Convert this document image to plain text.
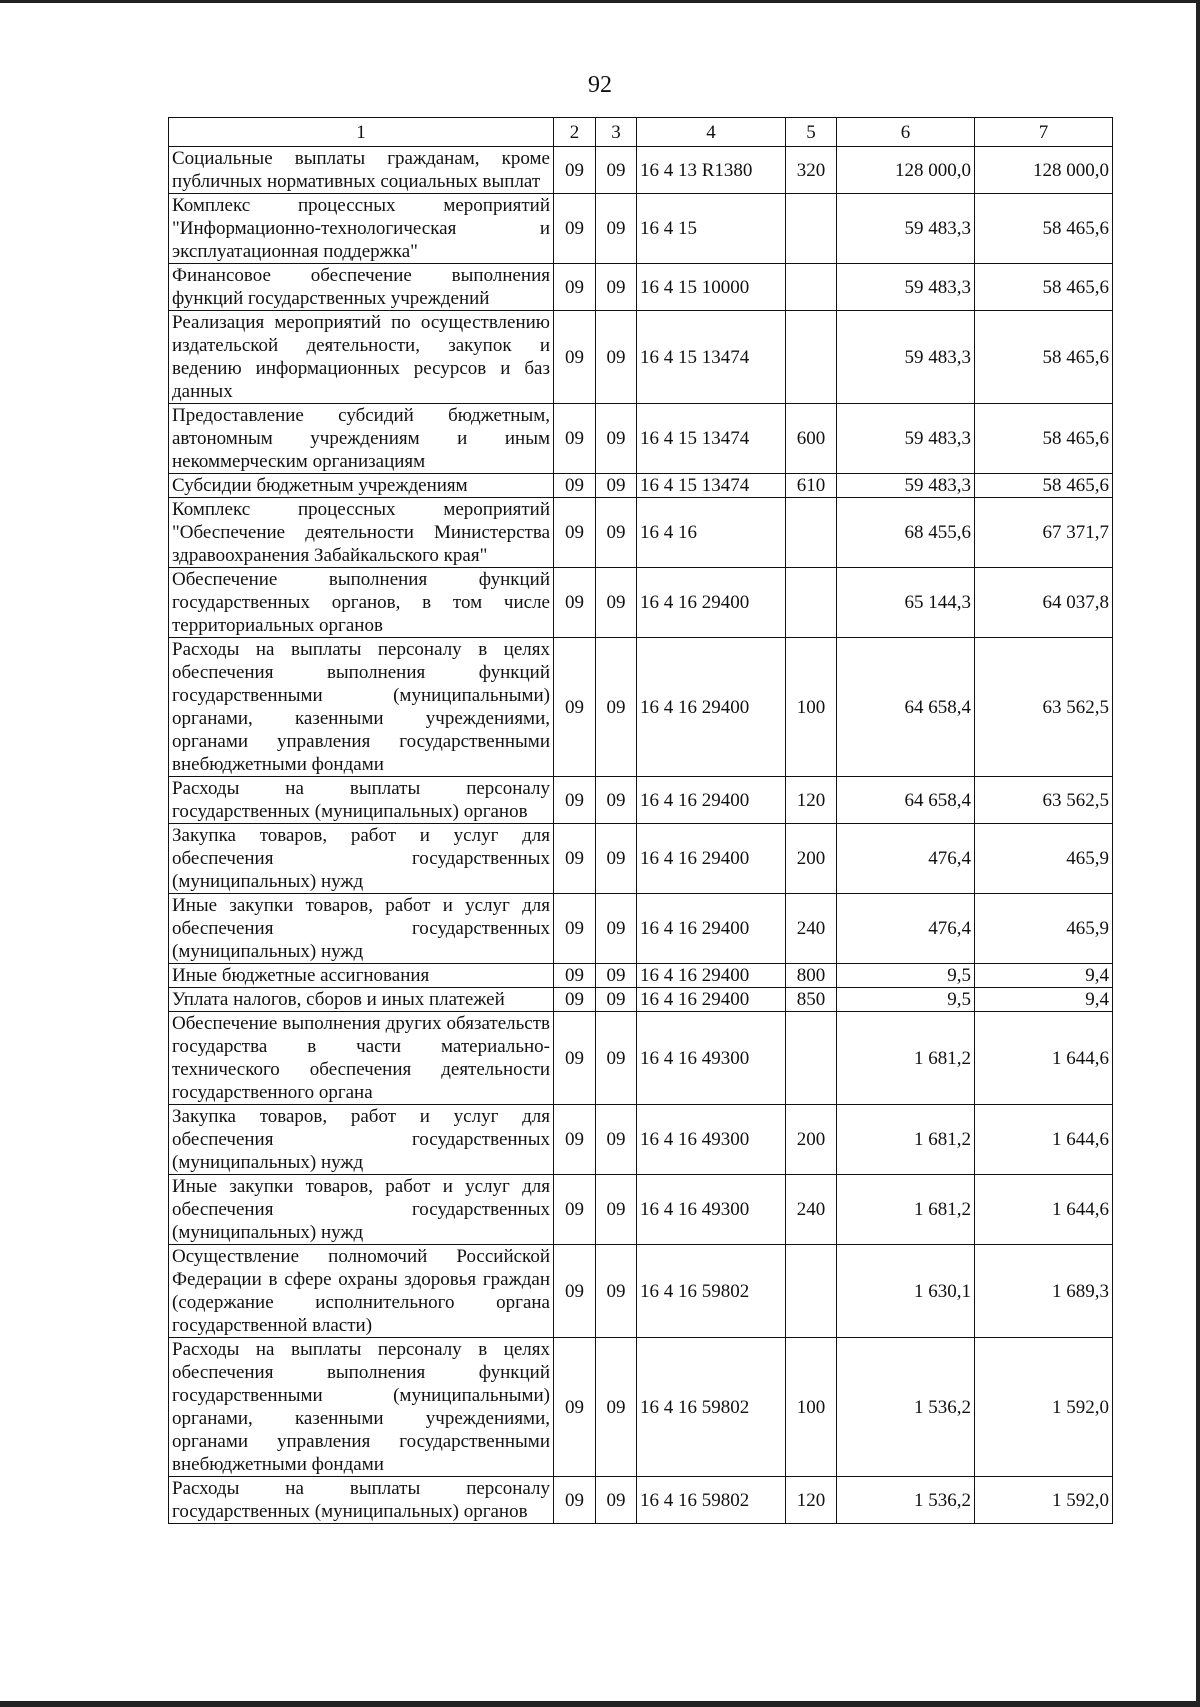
92
1	2	3	4	5	6	7
Социальные выплаты гражданам, кроме публичных нормативных социальных выплат	09	09	16 4 13 R1380	320	128 000,0	128 000,0
Комплекс процессных мероприятий "Информационно-технологическая и эксплуатационная поддержка"	09	09	16 4 15		59 483,3	58 465,6
Финансовое обеспечение выполнения функций государственных учреждений	09	09	16 4 15 10000		59 483,3	58 465,6
Реализация мероприятий по осуществлению издательской деятельности, закупок и ведению информационных ресурсов и баз данных	09	09	16 4 15 13474		59 483,3	58 465,6
Предоставление субсидий бюджетным, автономным учреждениям и иным некоммерческим организациям	09	09	16 4 15 13474	600	59 483,3	58 465,6
Субсидии бюджетным учреждениям	09	09	16 4 15 13474	610	59 483,3	58 465,6
Комплекс процессных мероприятий "Обеспечение деятельности Министерства здравоохранения Забайкальского края"	09	09	16 4 16		68 455,6	67 371,7
Обеспечение выполнения функций государственных органов, в том числе территориальных органов	09	09	16 4 16 29400		65 144,3	64 037,8
Расходы на выплаты персоналу в целях обеспечения выполнения функций государственными (муниципальными) органами, казенными учреждениями, органами управления государственными внебюджетными фондами	09	09	16 4 16 29400	100	64 658,4	63 562,5
Расходы на выплаты персоналу государственных (муниципальных) органов	09	09	16 4 16 29400	120	64 658,4	63 562,5
Закупка товаров, работ и услуг для обеспечения государственных (муниципальных) нужд	09	09	16 4 16 29400	200	476,4	465,9
Иные закупки товаров, работ и услуг для обеспечения государственных (муниципальных) нужд	09	09	16 4 16 29400	240	476,4	465,9
Иные бюджетные ассигнования	09	09	16 4 16 29400	800	9,5	9,4
Уплата налогов, сборов и иных платежей	09	09	16 4 16 29400	850	9,5	9,4
Обеспечение выполнения других обязательств государства в части материально-технического обеспечения деятельности государственного органа	09	09	16 4 16 49300		1 681,2	1 644,6
Закупка товаров, работ и услуг для обеспечения государственных (муниципальных) нужд	09	09	16 4 16 49300	200	1 681,2	1 644,6
Иные закупки товаров, работ и услуг для обеспечения государственных (муниципальных) нужд	09	09	16 4 16 49300	240	1 681,2	1 644,6
Осуществление полномочий Российской Федерации в сфере охраны здоровья граждан (содержание исполнительного органа государственной власти)	09	09	16 4 16 59802		1 630,1	1 689,3
Расходы на выплаты персоналу в целях обеспечения выполнения функций государственными (муниципальными) органами, казенными учреждениями, органами управления государственными внебюджетными фондами	09	09	16 4 16 59802	100	1 536,2	1 592,0
Расходы на выплаты персоналу государственных (муниципальных) органов	09	09	16 4 16 59802	120	1 536,2	1 592,0
